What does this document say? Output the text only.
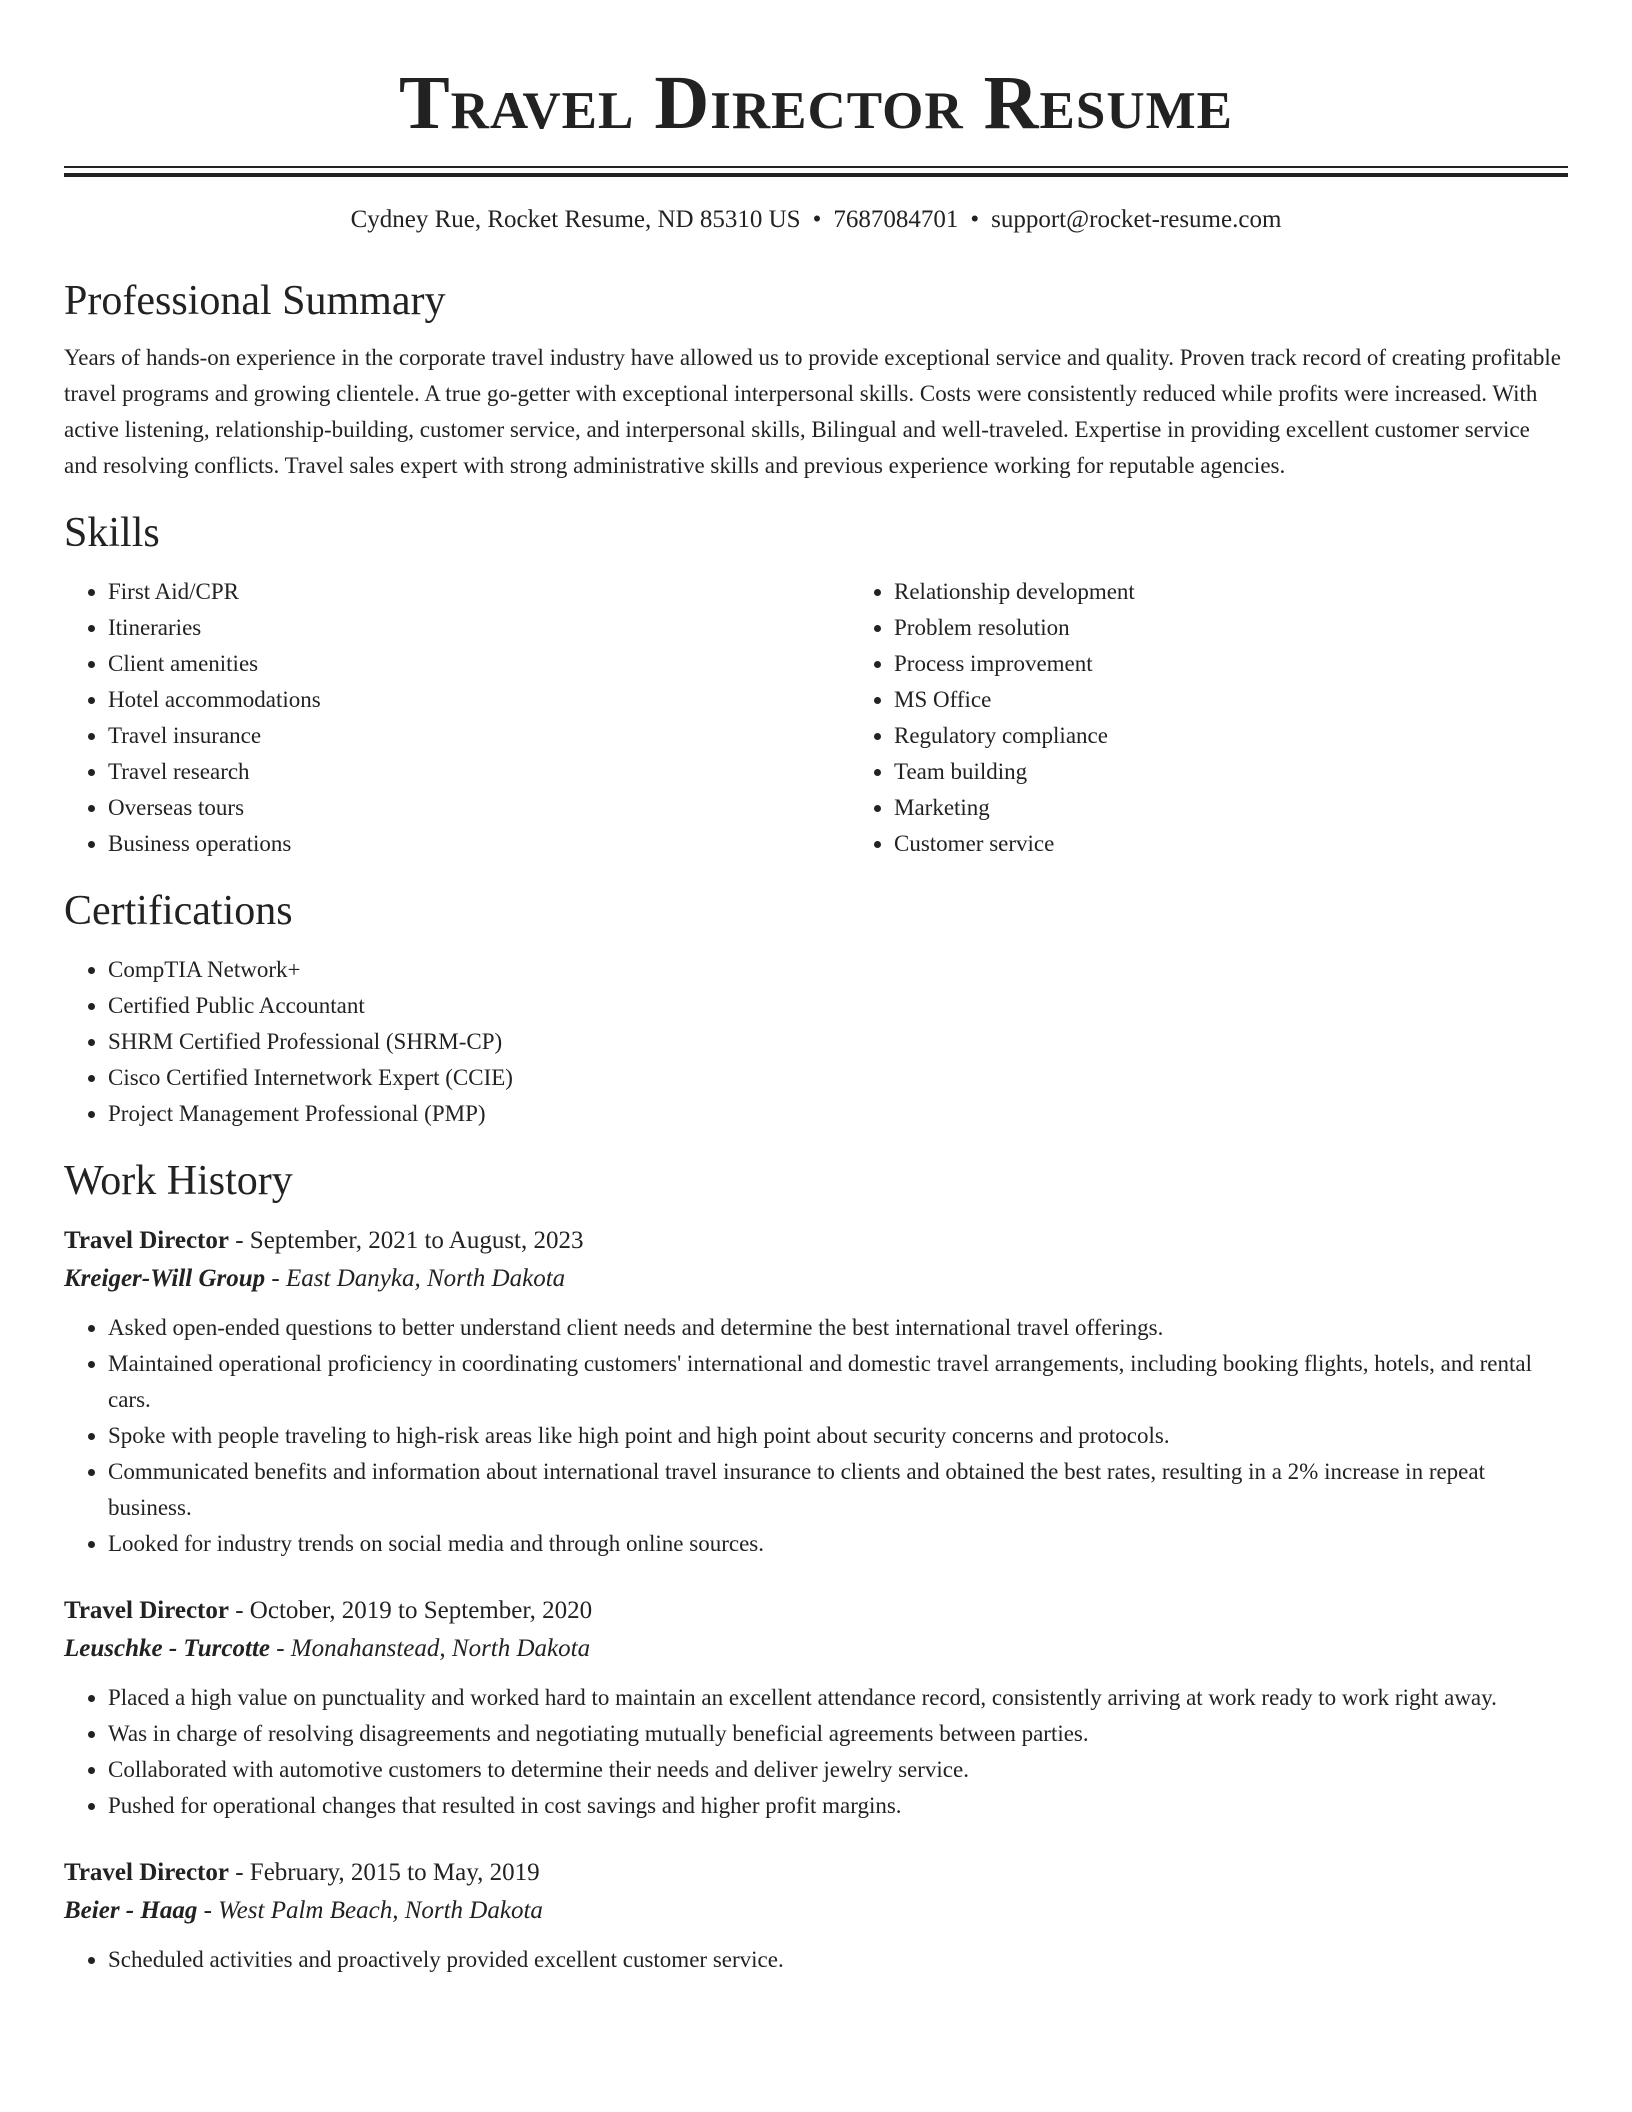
Travel Director Resume
Cydney Rue, Rocket Resume, ND 85310 US • 7687084701 • support@rocket-resume.com
Professional Summary

Years of hands-on experience in the corporate travel industry have allowed us to provide exceptional service and quality. Proven track record of creating profitable travel programs and growing clientele. A true go-getter with exceptional interpersonal skills. Costs were consistently reduced while profits were increased. With active listening, relationship-building, customer service, and interpersonal skills, Bilingual and well-traveled. Expertise in providing excellent customer service and resolving conflicts. Travel sales expert with strong administrative skills and previous experience working for reputable agencies.

Skills
• First Aid/CPR
• Itineraries
• Client amenities
• Hotel accommodations
• Travel insurance
• Travel research
• Overseas tours
• Business operations
• Relationship development
• Problem resolution
• Process improvement
• MS Office
• Regulatory compliance
• Team building
• Marketing
• Customer service
Certifications
• CompTIA Network+
• Certified Public Accountant
• SHRM Certified Professional (SHRM-CP)
• Cisco Certified Internetwork Expert (CCIE)
• Project Management Professional (PMP)
Work History
Travel Director - September, 2021 to August, 2023
Kreiger-Will Group - East Danyka, North Dakota
• Asked open-ended questions to better understand client needs and determine the best international travel offerings.
• Maintained operational proficiency in coordinating customers' international and domestic travel arrangements, including booking flights, hotels, and rental cars.
• Spoke with people traveling to high-risk areas like high point and high point about security concerns and protocols.
• Communicated benefits and information about international travel insurance to clients and obtained the best rates, resulting in a 2% increase in repeat business.
• Looked for industry trends on social media and through online sources.
Travel Director - October, 2019 to September, 2020
Leuschke - Turcotte - Monahanstead, North Dakota
• Placed a high value on punctuality and worked hard to maintain an excellent attendance record, consistently arriving at work ready to work right away.
• Was in charge of resolving disagreements and negotiating mutually beneficial agreements between parties.
• Collaborated with automotive customers to determine their needs and deliver jewelry service.
• Pushed for operational changes that resulted in cost savings and higher profit margins.
Travel Director - February, 2015 to May, 2019
Beier - Haag - West Palm Beach, North Dakota
• Scheduled activities and proactively provided excellent customer service.
